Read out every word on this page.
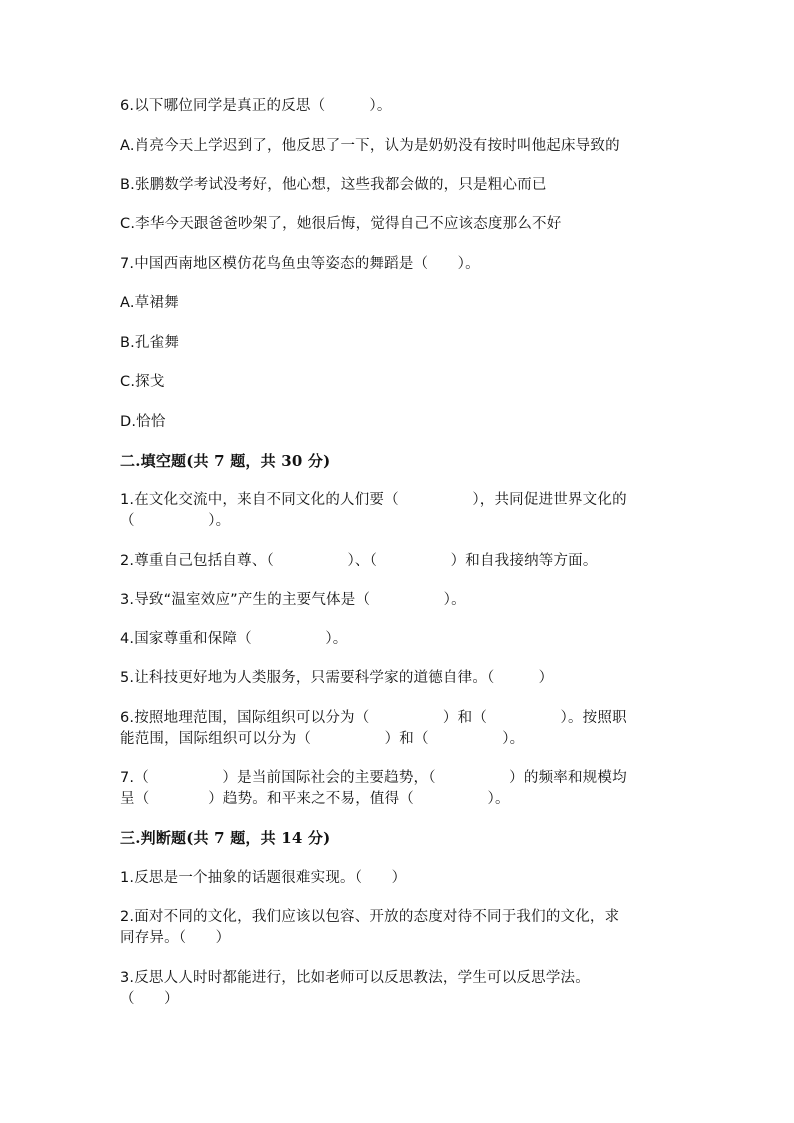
6.以下哪位同学是真正的反思（　　　）。
A.肖亮今天上学迟到了，他反思了一下，认为是奶奶没有按时叫他起床导致的
B.张鹏数学考试没考好，他心想，这些我都会做的，只是粗心而已
C.李华今天跟爸爸吵架了，她很后悔，觉得自己不应该态度那么不好
7.中国西南地区模仿花鸟鱼虫等姿态的舞蹈是（　　）。
A.草裙舞
B.孔雀舞
C.探戈
D.恰恰
二.填空题(共 7 题，共 30 分)
1.在文化交流中，来自不同文化的人们要（　　　　　），共同促进世界文化的
（　　　　　）。
2.尊重自己包括自尊、（　　　　　）、（　　　　　）和自我接纳等方面。
3.导致“温室效应”产生的主要气体是（　　　　　）。
4.国家尊重和保障（　　　　　）。
5.让科技更好地为人类服务，只需要科学家的道德自律。（　　　）
6.按照地理范围，国际组织可以分为（　　　　　）和（　　　　　）。按照职
能范围，国际组织可以分为（　　　　　）和（　　　　　）。
7.（　　　　　）是当前国际社会的主要趋势，（　　　　　）的频率和规模均
呈（　　　　）趋势。和平来之不易，值得（　　　　　）。
三.判断题(共 7 题，共 14 分)
1.反思是一个抽象的话题很难实现。（　　）
2.面对不同的文化，我们应该以包容、开放的态度对待不同于我们的文化，求
同存异。（　　）
3.反思人人时时都能进行，比如老师可以反思教法，学生可以反思学法。
（　　）
